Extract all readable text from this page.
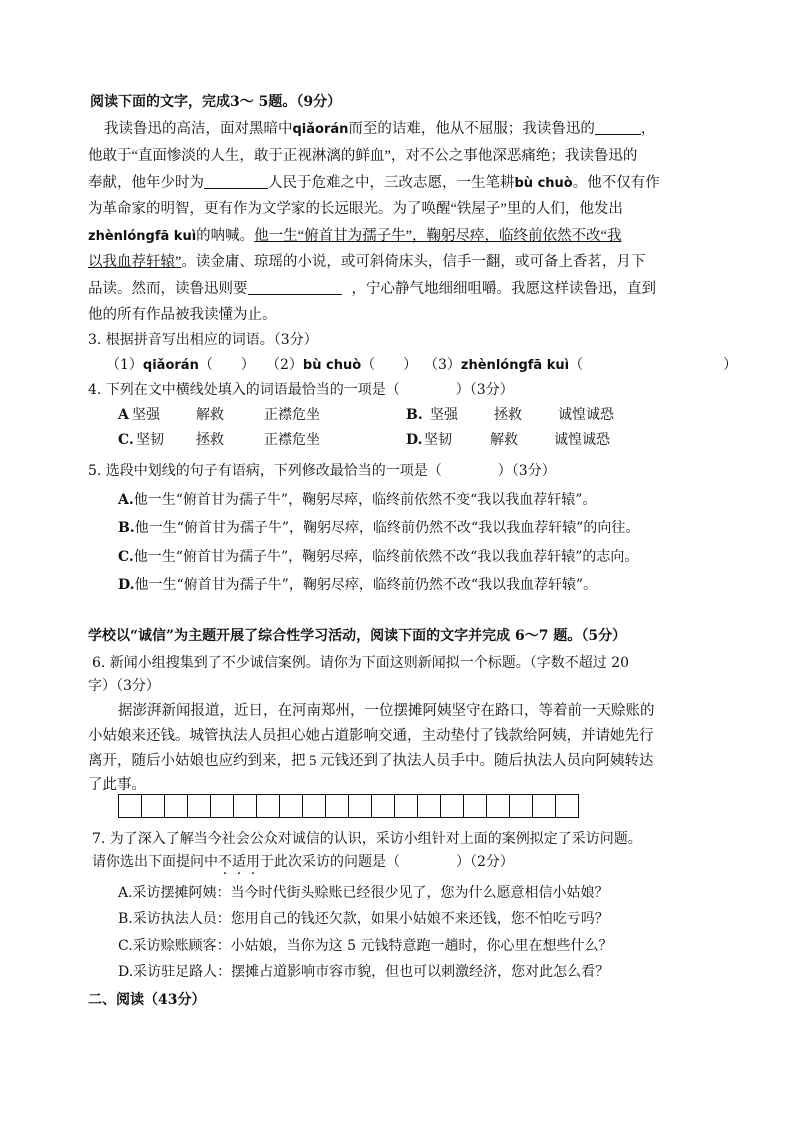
阅读下面的文字，完成3～ 5题。（9分）
我读鲁迅的高洁，面对黑暗中qiǎorán而至的诘难，他从不屈服；我读鲁迅的	，
他敢于“直面惨淡的人生，敢于正视淋漓的鲜血”，对不公之事他深恶痛绝；我读鲁迅的
奉献，他年少时为	人民于危难之中，三改志愿，一生笔耕bù chuò。他不仅有作
为革命家的明智，更有作为文学家的长远眼光。为了唤醒“铁屋子”里的人们，他发出
zhènlóngfā kuì的呐喊。他一生“俯首甘为孺子牛”，鞠躬尽瘁，临终前依然不改“我
以我血荐轩辕”。读金庸、琼瑶的小说，或可斜倚床头，信手一翻，或可备上香茗，月下
品读。然而，读鲁迅则要	，宁心静气地细细咀嚼。我愿这样读鲁迅，直到
他的所有作品被我读懂为止。
3. 根据拼音写出相应的词语。（3分）
（1）qiǎorán（　　） （2）bù chuò（　　） （3）zhènlóngfā kuì（　　　　　　　　　　）
4. 下列在文中横线处填入的词语最恰当的一项是（　　　　）（3分）
A 坚强	解救	正襟危坐	B. 坚强	拯救	诚惶诚恐
C. 坚韧 拯救	正襟危坐	D. 坚韧	解救	诚惶诚恐
5. 选段中划线的句子有语病，下列修改最恰当的一项是（　　　　）（3分）
A.他一生“俯首甘为孺子牛”，鞠躬尽瘁，临终前依然不变“我以我血荐轩辕”。
B.他一生“俯首甘为孺子牛”，鞠躬尽瘁，临终前仍然不改“我以我血荐轩辕”的向往。
C.他一生“俯首甘为孺子牛”，鞠躬尽瘁，临终前依然不改“我以我血荐轩辕”的志向。
D.他一生“俯首甘为孺子牛”，鞠躬尽瘁，临终前仍然不改“我以我血荐轩辕”。
学校以“诚信”为主题开展了综合性学习活动，阅读下面的文字并完成 6～7 题。（5分）
6. 新闻小组搜集到了不少诚信案例。请你为下面这则新闻拟一个标题。（字数不超过 20
字）（3分）
据澎湃新闻报道，近日，在河南郑州，一位摆摊阿姨坚守在路口，等着前一天赊账的
小姑娘来还钱。城管执法人员担心她占道影响交通，主动垫付了钱款给阿姨，并请她先行
离开，随后小姑娘也应约到来，把 5 元钱还到了执法人员手中。随后执法人员向阿姨转达
了此事。
7. 为了深入了解当今社会公众对诚信的认识，采访小组针对上面的案例拟定了采访问题。
请你选出下面提问中不适用于此次采访的问题是（　　　　）（2分）
A.采访摆摊阿姨：当今时代街头赊账已经很少见了，您为什么愿意相信小姑娘？
B.采访执法人员：您用自己的钱还欠款，如果小姑娘不来还钱，您不怕吃亏吗？
C.采访赊账顾客：小姑娘，当你为这 5 元钱特意跑一趟时，你心里在想些什么？
D.采访驻足路人：摆摊占道影响市容市貌，但也可以刺激经济，您对此怎么看？
二、阅读（43分）
